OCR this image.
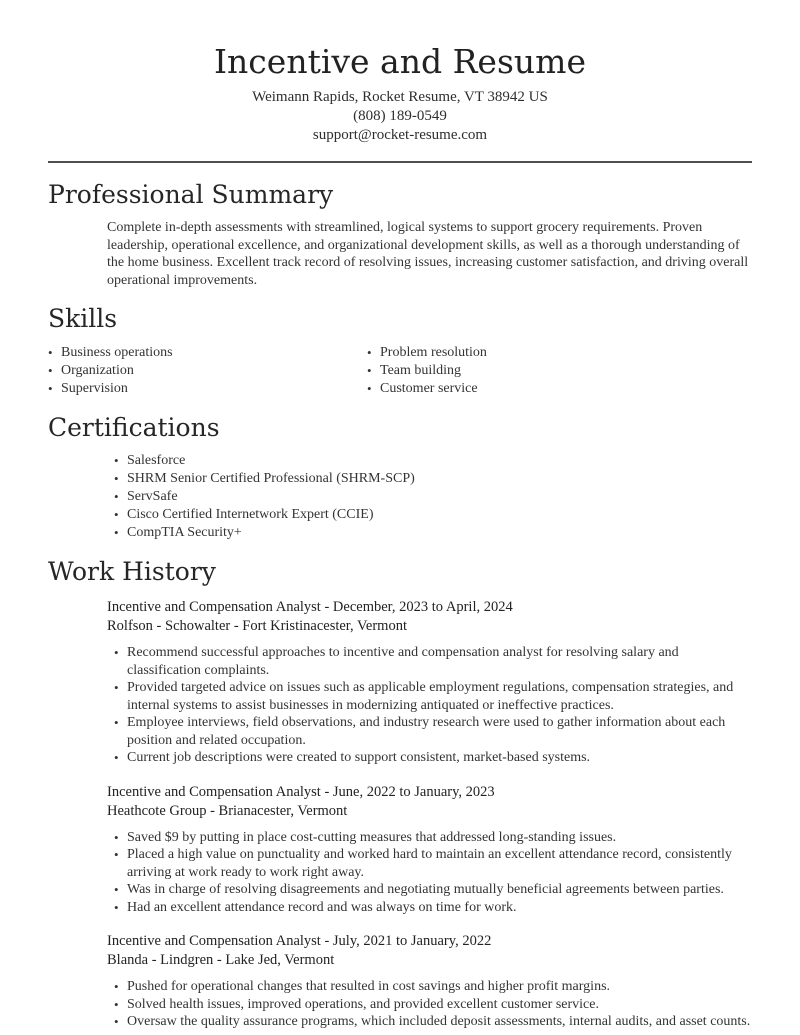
Incentive and Resume
Weimann Rapids, Rocket Resume, VT 38942 US
(808) 189-0549
support@rocket-resume.com
Professional Summary

Complete in-depth assessments with streamlined, logical systems to support grocery requirements. Proven leadership, operational excellence, and organizational development skills, as well as a thorough understanding of the home business. Excellent track record of resolving issues, increasing customer satisfaction, and driving overall operational improvements.

Skills
• Business operations
• Organization
• Supervision
• Problem resolution
• Team building
• Customer service
Certifications
• Salesforce
• SHRM Senior Certified Professional (SHRM-SCP)
• ServSafe
• Cisco Certified Internetwork Expert (CCIE)
• CompTIA Security+
Work History
Incentive and Compensation Analyst - December, 2023 to April, 2024
Rolfson - Schowalter - Fort Kristinacester, Vermont
• Recommend successful approaches to incentive and compensation analyst for resolving salary and classification complaints.
• Provided targeted advice on issues such as applicable employment regulations, compensation strategies, and internal systems to assist businesses in modernizing antiquated or ineffective practices.
• Employee interviews, field observations, and industry research were used to gather information about each position and related occupation.
• Current job descriptions were created to support consistent, market-based systems.
Incentive and Compensation Analyst - June, 2022 to January, 2023
Heathcote Group - Brianacester, Vermont
• Saved $9 by putting in place cost-cutting measures that addressed long-standing issues.
• Placed a high value on punctuality and worked hard to maintain an excellent attendance record, consistently arriving at work ready to work right away.
• Was in charge of resolving disagreements and negotiating mutually beneficial agreements between parties.
• Had an excellent attendance record and was always on time for work.
Incentive and Compensation Analyst - July, 2021 to January, 2022
Blanda - Lindgren - Lake Jed, Vermont
• Pushed for operational changes that resulted in cost savings and higher profit margins.
• Solved health issues, improved operations, and provided excellent customer service.
• Oversaw the quality assurance programs, which included deposit assessments, internal audits, and asset counts.
